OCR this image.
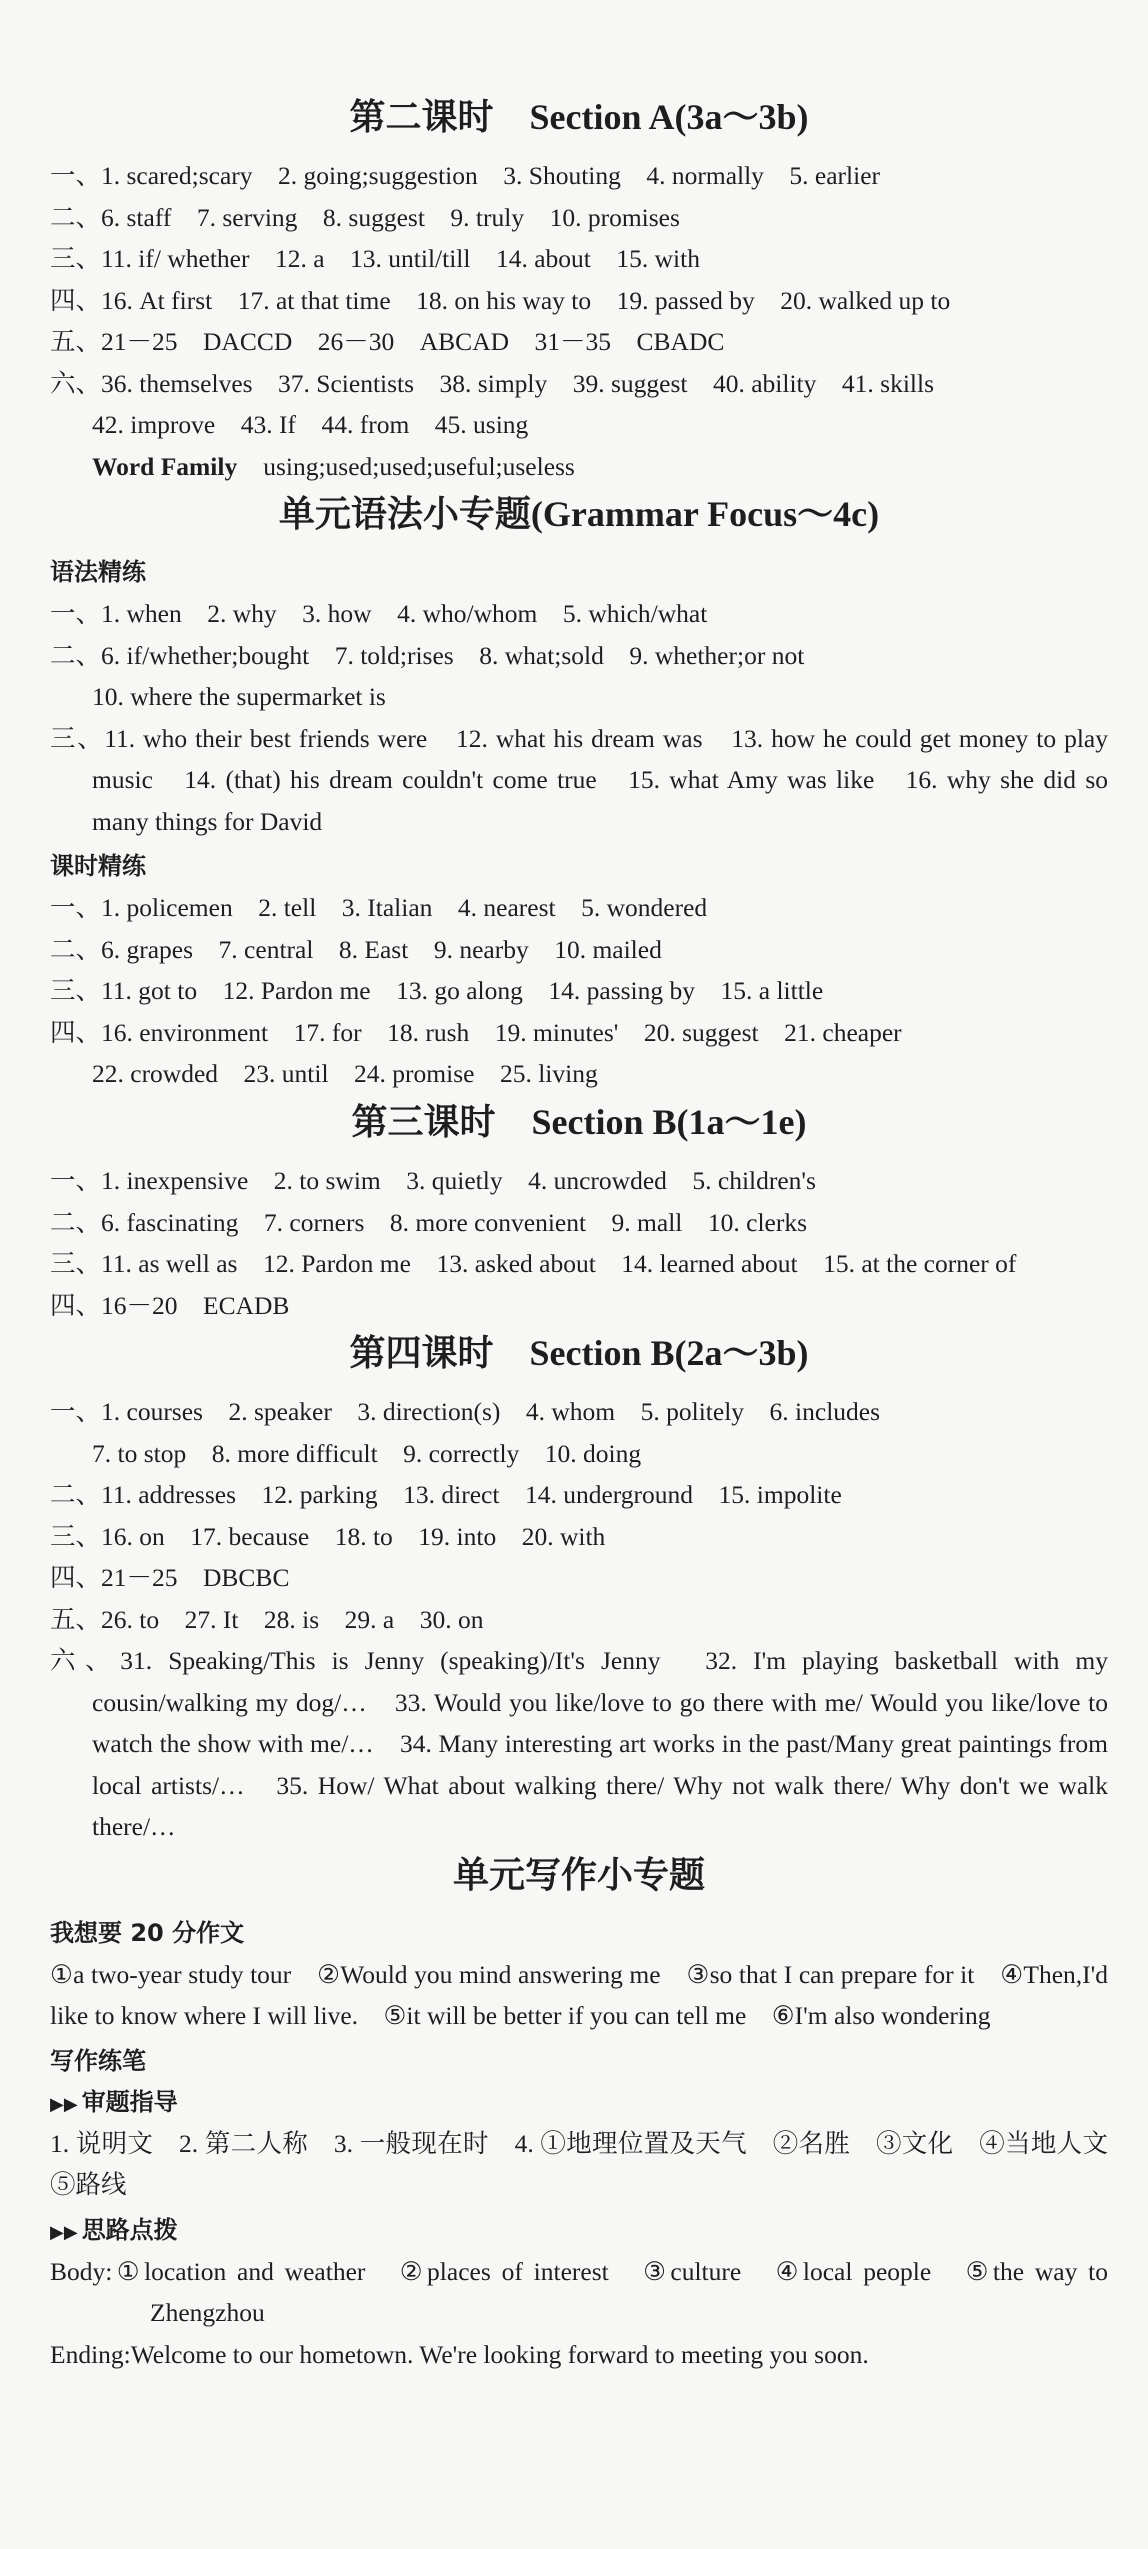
第二课时　Section A(3a～3b)
一、1. scared;scary　2. going;suggestion　3. Shouting　4. normally　5. earlier
二、6. staff　7. serving　8. suggest　9. truly　10. promises
三、11. if/ whether　12. a　13. until/till　14. about　15. with
四、16. At first　17. at that time　18. on his way to　19. passed by　20. walked up to
五、21－25　DACCD　26－30　ABCAD　31－35　CBADC
六、36. themselves　37. Scientists　38. simply　39. suggest　40. ability　41. skills
42. improve　43. If　44. from　45. using
Word Family using;used;used;useful;useless
单元语法小专题(Grammar Focus～4c)
语法精练
一、1. when　2. why　3. how　4. who/whom　5. which/what
二、6. if/whether;bought　7. told;rises　8. what;sold　9. whether;or not
10. where the supermarket is
三、11. who their best friends were　12. what his dream was　13. how he could get money to play music　14. (that) his dream couldn't come true　15. what Amy was like　16. why she did so many things for David
课时精练
一、1. policemen　2. tell　3. Italian　4. nearest　5. wondered
二、6. grapes　7. central　8. East　9. nearby　10. mailed
三、11. got to　12. Pardon me　13. go along　14. passing by　15. a little
四、16. environment　17. for　18. rush　19. minutes'　20. suggest　21. cheaper
22. crowded　23. until　24. promise　25. living
第三课时　Section B(1a～1e)
一、1. inexpensive　2. to swim　3. quietly　4. uncrowded　5. children's
二、6. fascinating　7. corners　8. more convenient　9. mall　10. clerks
三、11. as well as　12. Pardon me　13. asked about　14. learned about　15. at the corner of
四、16－20　ECADB
第四课时　Section B(2a～3b)
一、1. courses　2. speaker　3. direction(s)　4. whom　5. politely　6. includes
7. to stop　8. more difficult　9. correctly　10. doing
二、11. addresses　12. parking　13. direct　14. underground　15. impolite
三、16. on　17. because　18. to　19. into　20. with
四、21－25　DBCBC
五、26. to　27. It　28. is　29. a　30. on
六、31. Speaking/This is Jenny (speaking)/It's Jenny　32. I'm playing basketball with my cousin/walking my dog/…　33. Would you like/love to go there with me/ Would you like/love to watch the show with me/…　34. Many interesting art works in the past/Many great paintings from local artists/…　35. How/ What about walking there/ Why not walk there/ Why don't we walk there/…
单元写作小专题
我想要 20 分作文
①a two-year study tour　②Would you mind answering me　③so that I can prepare for it　④Then,I'd like to know where I will live.　⑤it will be better if you can tell me　⑥I'm also wondering
写作练笔
▶▶ 审题指导
1. 说明文　2. 第二人称　3. 一般现在时　4. ①地理位置及天气　②名胜　③文化　④当地人文　⑤路线
▶▶ 思路点拨
Body:①location and weather　②places of interest　③culture　④local people　⑤the way to Zhengzhou
Ending:Welcome to our hometown. We're looking forward to meeting you soon.
